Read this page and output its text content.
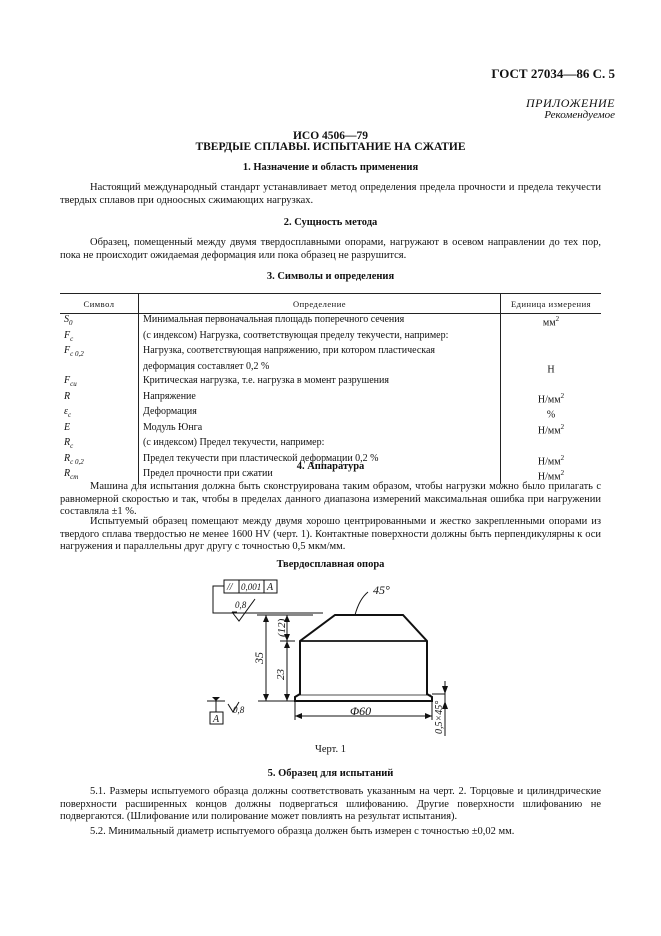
ГОСТ 27034—86 С. 5
ПРИЛОЖЕНИЕ
Рекомендуемое
ИСО 4506—79
ТВЕРДЫЕ СПЛАВЫ. ИСПЫТАНИЕ НА СЖАТИЕ
1. Назначение и область применения
Настоящий международный стандарт устанавливает метод определения предела прочности и предела текучести твердых сплавов при одноосных сжимающих нагрузках.
2. Сущность метода
Образец, помещенный между двумя твердосплавными опорами, нагружают в осевом направлении до тех пор, пока не происходит ожидаемая деформация или пока образец не разрушится.
3. Символы и определения
Символ	Определение	Единица измерения
$S_0$	Минимальная первоначальная площадь поперечного сечения	$мм^2$
$F_c$	(с индексом) Нагрузка, соответствующая пределу текучести, например:	
$F_{c 0,2}$	Нагрузка, соответствующая напряжению, при котором пластическая	
	деформация составляет 0,2 %	Н
$F_{cu}$	Критическая нагрузка, т.е. нагрузка в момент разрушения	
R	Напряжение	$Н/мм^2$
$\varepsilon_c$	Деформация	%
E	Модуль Юнга	$Н/мм^2$
$R_c$	(с индексом) Предел текучести, например:	
$R_{c 0,2}$	Предел текучести при пластической деформации 0,2 %	$Н/мм^2$
$R_{cm}$	Предел прочности при сжатии	$Н/мм^2$
4. Аппаратура
Машина для испытания должна быть сконструирована таким образом, чтобы нагрузки можно было прилагать с равномерной скоростью и так, чтобы в пределах данного диапазона измерений максимальная ошибка при нагружении составляла ±1 %.
Испытуемый образец помещают между двумя хорошо центрированными и жестко закрепленными опорами из твердого сплава твердостью не менее 1600 HV (черт. 1). Контактные поверхности должны быть перпендикулярны к оси нагружения и параллельны друг другу с точностью 0,5 мкм/мм.
Твердосплавная опора
// 0,001 A
0,8
45°
(12)
23
35
Φ60	0,5×45°
A
0,8
Черт. 1
5. Образец для испытаний
5.1. Размеры испытуемого образца должны соответствовать указанным на черт. 2. Торцовые и цилиндрические поверхности расширенных концов должны подвергаться шлифованию. Другие поверхности шлифованию не подвергаются. (Шлифование или полирование может повлиять на результат испытания).
5.2. Минимальный диаметр испытуемого образца должен быть измерен с точностью ±0,02 мм.
